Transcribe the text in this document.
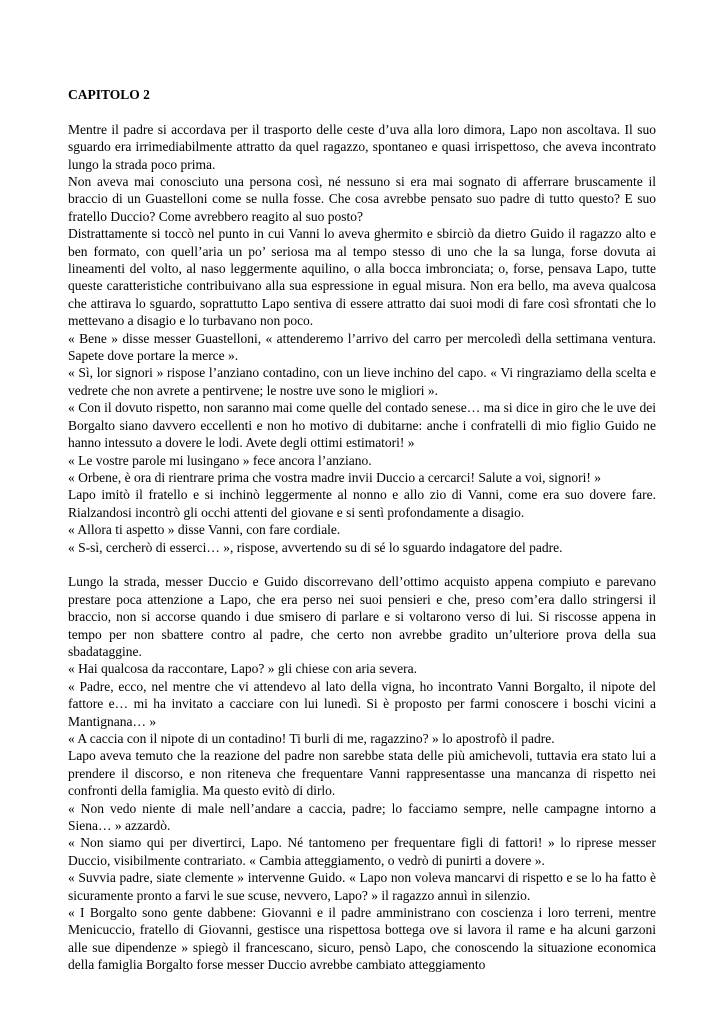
CAPITOLO 2

Mentre il padre si accordava per il trasporto delle ceste d’uva alla loro dimora, Lapo non ascoltava. Il suo sguardo era irrimediabilmente attratto da quel ragazzo, spontaneo e quasi irrispettoso, che aveva incontrato lungo la strada poco prima.

Non aveva mai conosciuto una persona così, né nessuno si era mai sognato di afferrare bruscamente il braccio di un Guastelloni come se nulla fosse. Che cosa avrebbe pensato suo padre di tutto questo? E suo fratello Duccio? Come avrebbero reagito al suo posto?

Distrattamente si toccò nel punto in cui Vanni lo aveva ghermito e sbirciò da dietro Guido il ragazzo alto e ben formato, con quell’aria un po’ seriosa ma al tempo stesso di uno che la sa lunga, forse dovuta ai lineamenti del volto, al naso leggermente aquilino, o alla bocca imbronciata; o, forse, pensava Lapo, tutte queste caratteristiche contribuivano alla sua espressione in egual misura. Non era bello, ma aveva qualcosa che attirava lo sguardo, soprattutto Lapo sentiva di essere attratto dai suoi modi di fare così sfrontati che lo mettevano a disagio e lo turbavano non poco.

« Bene » disse messer Guastelloni, « attenderemo l’arrivo del carro per mercoledì della settimana ventura. Sapete dove portare la merce ».

« Sì, lor signori » rispose l’anziano contadino, con un lieve inchino del capo. « Vi ringraziamo della scelta e vedrete che non avrete a pentirvene; le nostre uve sono le migliori ».

« Con il dovuto rispetto, non saranno mai come quelle del contado senese… ma si dice in giro che le uve dei Borgalto siano davvero eccellenti e non ho motivo di dubitarne: anche i confratelli di mio figlio Guido ne hanno intessuto a dovere le lodi. Avete degli ottimi estimatori! »

« Le vostre parole mi lusingano » fece ancora l’anziano.

« Orbene, è ora di rientrare prima che vostra madre invii Duccio a cercarci! Salute a voi, signori! »

Lapo imitò il fratello e si inchinò leggermente al nonno e allo zio di Vanni, come era suo dovere fare. Rialzandosi incontrò gli occhi attenti del giovane e si sentì profondamente a disagio.

« Allora ti aspetto » disse Vanni, con fare cordiale.

« S-sì, cercherò di esserci… », rispose, avvertendo su di sé lo sguardo indagatore del padre.

Lungo la strada, messer Duccio e Guido discorrevano dell’ottimo acquisto appena compiuto e parevano prestare poca attenzione a Lapo, che era perso nei suoi pensieri e che, preso com’era dallo stringersi il braccio, non si accorse quando i due smisero di parlare e si voltarono verso di lui. Si riscosse appena in tempo per non sbattere contro al padre, che certo non avrebbe gradito un’ulteriore prova della sua sbadataggine.

« Hai qualcosa da raccontare, Lapo? » gli chiese con aria severa.

« Padre, ecco, nel mentre che vi attendevo al lato della vigna, ho incontrato Vanni Borgalto, il nipote del fattore e… mi ha invitato a cacciare con lui lunedì. Si è proposto per farmi conoscere i boschi vicini a Mantignana… »

« A caccia con il nipote di un contadino! Ti burli di me, ragazzino? » lo apostrofò il padre.

Lapo aveva temuto che la reazione del padre non sarebbe stata delle più amichevoli, tuttavia era stato lui a prendere il discorso, e non riteneva che frequentare Vanni rappresentasse una mancanza di rispetto nei confronti della famiglia. Ma questo evitò di dirlo.

« Non vedo niente di male nell’andare a caccia, padre; lo facciamo sempre, nelle campagne intorno a Siena… » azzardò.

« Non siamo qui per divertirci, Lapo. Né tantomeno per frequentare figli di fattori! » lo riprese messer Duccio, visibilmente contrariato. « Cambia atteggiamento, o vedrò di punirti a dovere ».

« Suvvia padre, siate clemente » intervenne Guido. « Lapo non voleva mancarvi di rispetto e se lo ha fatto è sicuramente pronto a farvi le sue scuse, nevvero, Lapo? » il ragazzo annuì in silenzio.

« I Borgalto sono gente dabbene: Giovanni e il padre amministrano con coscienza i loro terreni, mentre Menicuccio, fratello di Giovanni, gestisce una rispettosa bottega ove si lavora il rame e ha alcuni garzoni alle sue dipendenze » spiegò il francescano, sicuro, pensò Lapo, che conoscendo la situazione economica della famiglia Borgalto forse messer Duccio avrebbe cambiato atteggiamento
